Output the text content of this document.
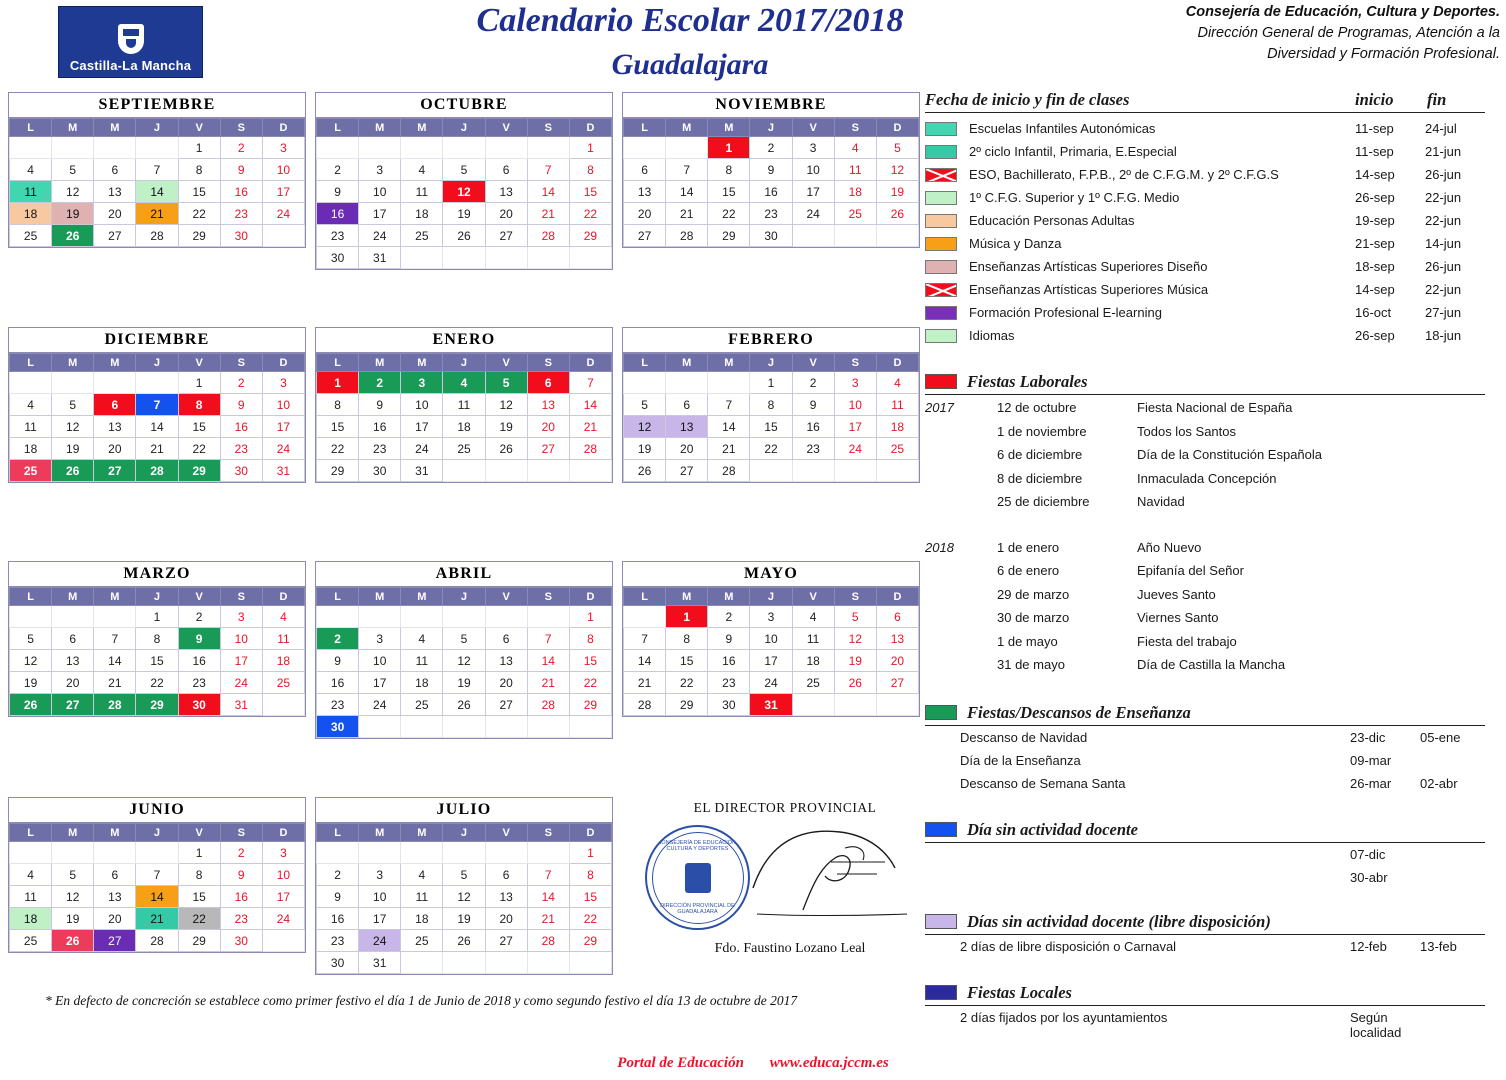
Castilla-La Mancha
Calendario Escolar 2017/2018
Guadalajara
Consejería de Educación, Cultura y Deportes.
Dirección General de Programas, Atención a la
Diversidad y Formación Profesional.
SEPTIEMBRE
L	M	M	J	V	S	D
				1	2	3
4	5	6	7	8	9	10
11	12	13	14	15	16	17
18	19	20	21	22	23	24
25	26	27	28	29	30	
OCTUBRE
L	M	M	J	V	S	D
						1
2	3	4	5	6	7	8
9	10	11	12	13	14	15
16	17	18	19	20	21	22
23	24	25	26	27	28	29
30	31					
NOVIEMBRE
L	M	M	J	V	S	D
		1	2	3	4	5
6	7	8	9	10	11	12
13	14	15	16	17	18	19
20	21	22	23	24	25	26
27	28	29	30			
DICIEMBRE
L	M	M	J	V	S	D
				1	2	3
4	5	6	7	8	9	10
11	12	13	14	15	16	17
18	19	20	21	22	23	24
25	26	27	28	29	30	31
ENERO
L	M	M	J	V	S	D
1	2	3	4	5	6	7
8	9	10	11	12	13	14
15	16	17	18	19	20	21
22	23	24	25	26	27	28
29	30	31				
FEBRERO
L	M	M	J	V	S	D
			1	2	3	4
5	6	7	8	9	10	11
12	13	14	15	16	17	18
19	20	21	22	23	24	25
26	27	28				
MARZO
L	M	M	J	V	S	D
			1	2	3	4
5	6	7	8	9	10	11
12	13	14	15	16	17	18
19	20	21	22	23	24	25
26	27	28	29	30	31	
ABRIL
L	M	M	J	V	S	D
						1
2	3	4	5	6	7	8
9	10	11	12	13	14	15
16	17	18	19	20	21	22
23	24	25	26	27	28	29
30						
MAYO
L	M	M	J	V	S	D
	1	2	3	4	5	6
7	8	9	10	11	12	13
14	15	16	17	18	19	20
21	22	23	24	25	26	27
28	29	30	31			
JUNIO
L	M	M	J	V	S	D
				1	2	3
4	5	6	7	8	9	10
11	12	13	14	15	16	17
18	19	20	21	22	23	24
25	26	27	28	29	30	
JULIO
L	M	M	J	V	S	D
						1
2	3	4	5	6	7	8
9	10	11	12	13	14	15
16	17	18	19	20	21	22
23	24	25	26	27	28	29
30	31					
Fecha de inicio y fin de clases	inicio	fin
Escuelas Infantiles Autonómicas	11-sep	24-jul
2º ciclo Infantil, Primaria, E.Especial	11-sep	21-jun
ESO, Bachillerato, F.P.B., 2º de C.F.G.M. y 2º C.F.G.S	14-sep	26-jun
1º C.F.G. Superior y 1º C.F.G. Medio	26-sep	22-jun
Educación Personas Adultas	19-sep	22-jun
Música y Danza	21-sep	14-jun
Enseñanzas Artísticas Superiores Diseño	18-sep	26-jun
Enseñanzas Artísticas Superiores Música	14-sep	22-jun
Formación Profesional E-learning	16-oct	27-jun
Idiomas	26-sep	18-jun
Fiestas Laborales
2017	12 de octubre	Fiesta Nacional de España
1 de noviembre	Todos los Santos
6 de diciembre	Día de la Constitución Española
8 de diciembre	Inmaculada Concepción
25 de diciembre	Navidad
2018	1 de enero	Año Nuevo
6 de enero	Epifanía del Señor
29 de marzo	Jueves Santo
30 de marzo	Viernes Santo
1 de mayo	Fiesta del trabajo
31 de mayo	Día de Castilla la Mancha
Fiestas/Descansos de Enseñanza
Descanso de Navidad	23-dic	05-ene
Día de la Enseñanza	09-mar
Descanso de Semana Santa	26-mar	02-abr
Día sin actividad docente
07-dic
30-abr
Días sin actividad docente (libre disposición)
2 días de libre disposición o Carnaval	12-feb	13-feb
Fiestas Locales
2 días fijados por los ayuntamientos	Según localidad
EL DIRECTOR PROVINCIAL
CONSEJERÍA DE EDUCACIÓN, CULTURA Y DEPORTES
DIRECCIÓN PROVINCIAL DE GUADALAJARA
Fdo. Faustino Lozano Leal
* En defecto de concreción se establece como primer festivo el día 1 de Junio de 2018 y como segundo festivo el día 13 de octubre de 2017
Portal de Educación www.educa.jccm.es
